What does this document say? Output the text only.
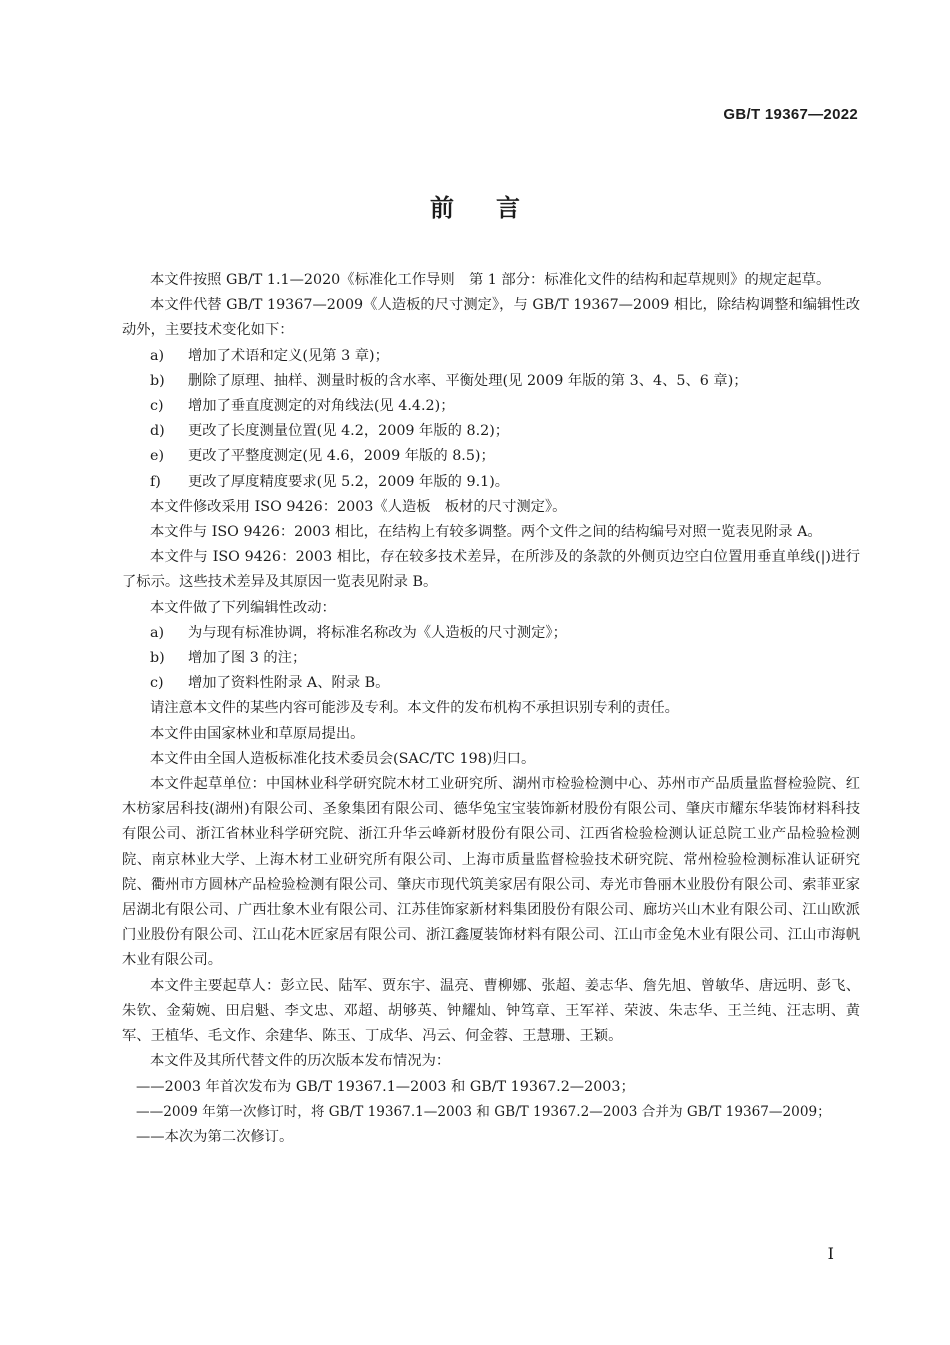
GB/T 19367—2022
前言

本文件按照 GB/T 1.1—2020《标准化工作导则　第 1 部分：标准化文件的结构和起草规则》的规定起草。

本文件代替 GB/T 19367—2009《人造板的尺寸测定》，与 GB/T 19367—2009 相比，除结构调整和编辑性改动外，主要技术变化如下：

a) 增加了术语和定义(见第 3 章)；

b) 删除了原理、抽样、测量时板的含水率、平衡处理(见 2009 年版的第 3、4、5、6 章)；

c) 增加了垂直度测定的对角线法(见 4.4.2)；

d) 更改了长度测量位置(见 4.2，2009 年版的 8.2)；

e) 更改了平整度测定(见 4.6，2009 年版的 8.5)；

f) 更改了厚度精度要求(见 5.2，2009 年版的 9.1)。

本文件修改采用 ISO 9426：2003《人造板　板材的尺寸测定》。

本文件与 ISO 9426：2003 相比，在结构上有较多调整。两个文件之间的结构编号对照一览表见附录 A。

本文件与 ISO 9426：2003 相比，存在较多技术差异，在所涉及的条款的外侧页边空白位置用垂直单线(|)进行了标示。这些技术差异及其原因一览表见附录 B。

本文件做了下列编辑性改动：

a) 为与现有标准协调，将标准名称改为《人造板的尺寸测定》；

b) 增加了图 3 的注；

c) 增加了资料性附录 A、附录 B。

请注意本文件的某些内容可能涉及专利。本文件的发布机构不承担识别专利的责任。

本文件由国家林业和草原局提出。

本文件由全国人造板标准化技术委员会(SAC/TC 198)归口。

本文件起草单位：中国林业科学研究院木材工业研究所、湖州市检验检测中心、苏州市产品质量监督检验院、红木枋家居科技(湖州)有限公司、圣象集团有限公司、德华兔宝宝装饰新材股份有限公司、肇庆市耀东华装饰材料科技有限公司、浙江省林业科学研究院、浙江升华云峰新材股份有限公司、江西省检验检测认证总院工业产品检验检测院、南京林业大学、上海木材工业研究所有限公司、上海市质量监督检验技术研究院、常州检验检测标准认证研究院、衢州市方圆林产品检验检测有限公司、肇庆市现代筑美家居有限公司、寿光市鲁丽木业股份有限公司、索菲亚家居湖北有限公司、广西壮象木业有限公司、江苏佳饰家新材料集团股份有限公司、廊坊兴山木业有限公司、江山欧派门业股份有限公司、江山花木匠家居有限公司、浙江鑫厦装饰材料有限公司、江山市金兔木业有限公司、江山市海帆木业有限公司。

本文件主要起草人：彭立民、陆军、贾东宇、温亮、曹柳娜、张超、姜志华、詹先旭、曾敏华、唐远明、彭飞、朱钦、金菊婉、田启魁、李文忠、邓超、胡够英、钟耀灿、钟笃章、王军祥、荣波、朱志华、王兰纯、汪志明、黄军、王植华、毛文作、余建华、陈玉、丁成华、冯云、何金蓉、王慧珊、王颖。

本文件及其所代替文件的历次版本发布情况为：

——2003 年首次发布为 GB/T 19367.1—2003 和 GB/T 19367.2—2003；

——2009 年第一次修订时，将 GB/T 19367.1—2003 和 GB/T 19367.2—2003 合并为 GB/T 19367—2009；

——本次为第二次修订。

I
